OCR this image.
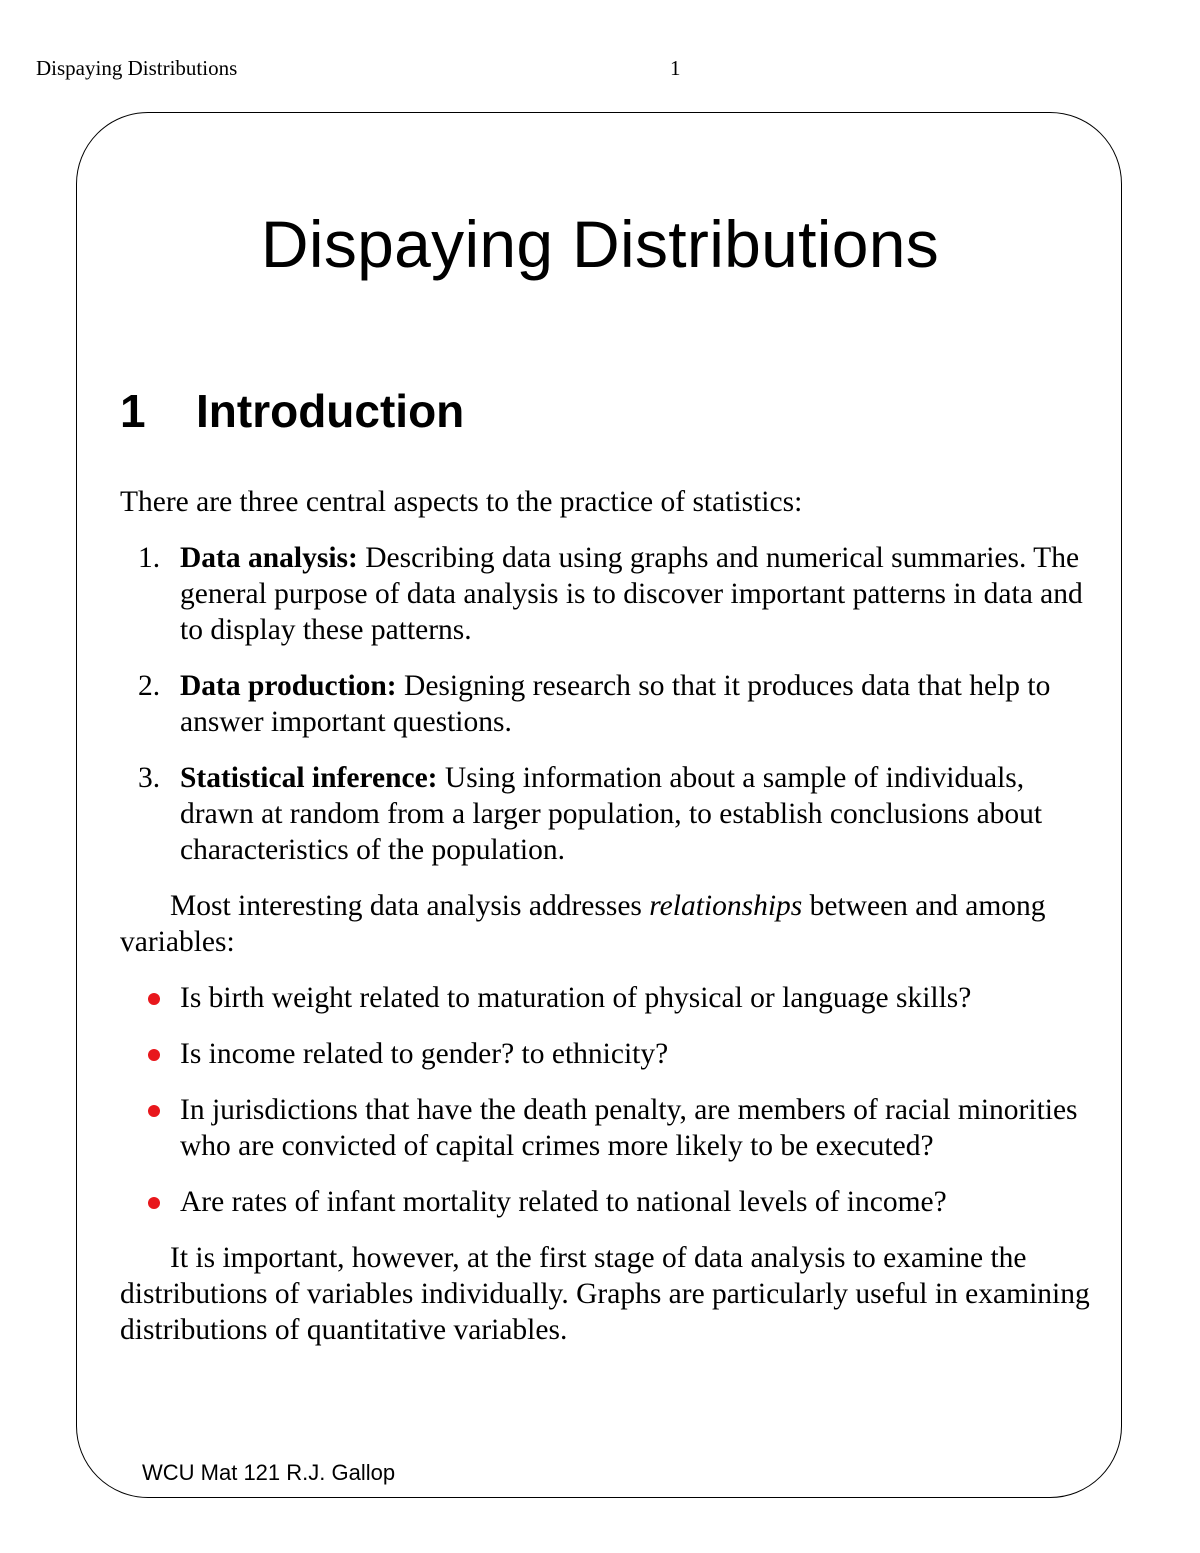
Dispaying Distributions	1
Dispaying Distributions
1 Introduction

There are three central aspects to the practice of statistics:

1. Data analysis: Describing data using graphs and numerical summaries. The general purpose of data analysis is to discover important patterns in data and to display these patterns.
2. Data production: Designing research so that it produces data that help to answer important questions.
3. Statistical inference: Using information about a sample of individuals, drawn at random from a larger population, to establish conclusions about characteristics of the population.

Most interesting data analysis addresses relationships between and among variables:

Is birth weight related to maturation of physical or language skills?
Is income related to gender? to ethnicity?
In jurisdictions that have the death penalty, are members of racial minorities who are convicted of capital crimes more likely to be executed?
Are rates of infant mortality related to national levels of income?

It is important, however, at the first stage of data analysis to examine the distributions of variables individually. Graphs are particularly useful in examining distributions of quantitative variables.

WCU Mat 121 R.J. Gallop
